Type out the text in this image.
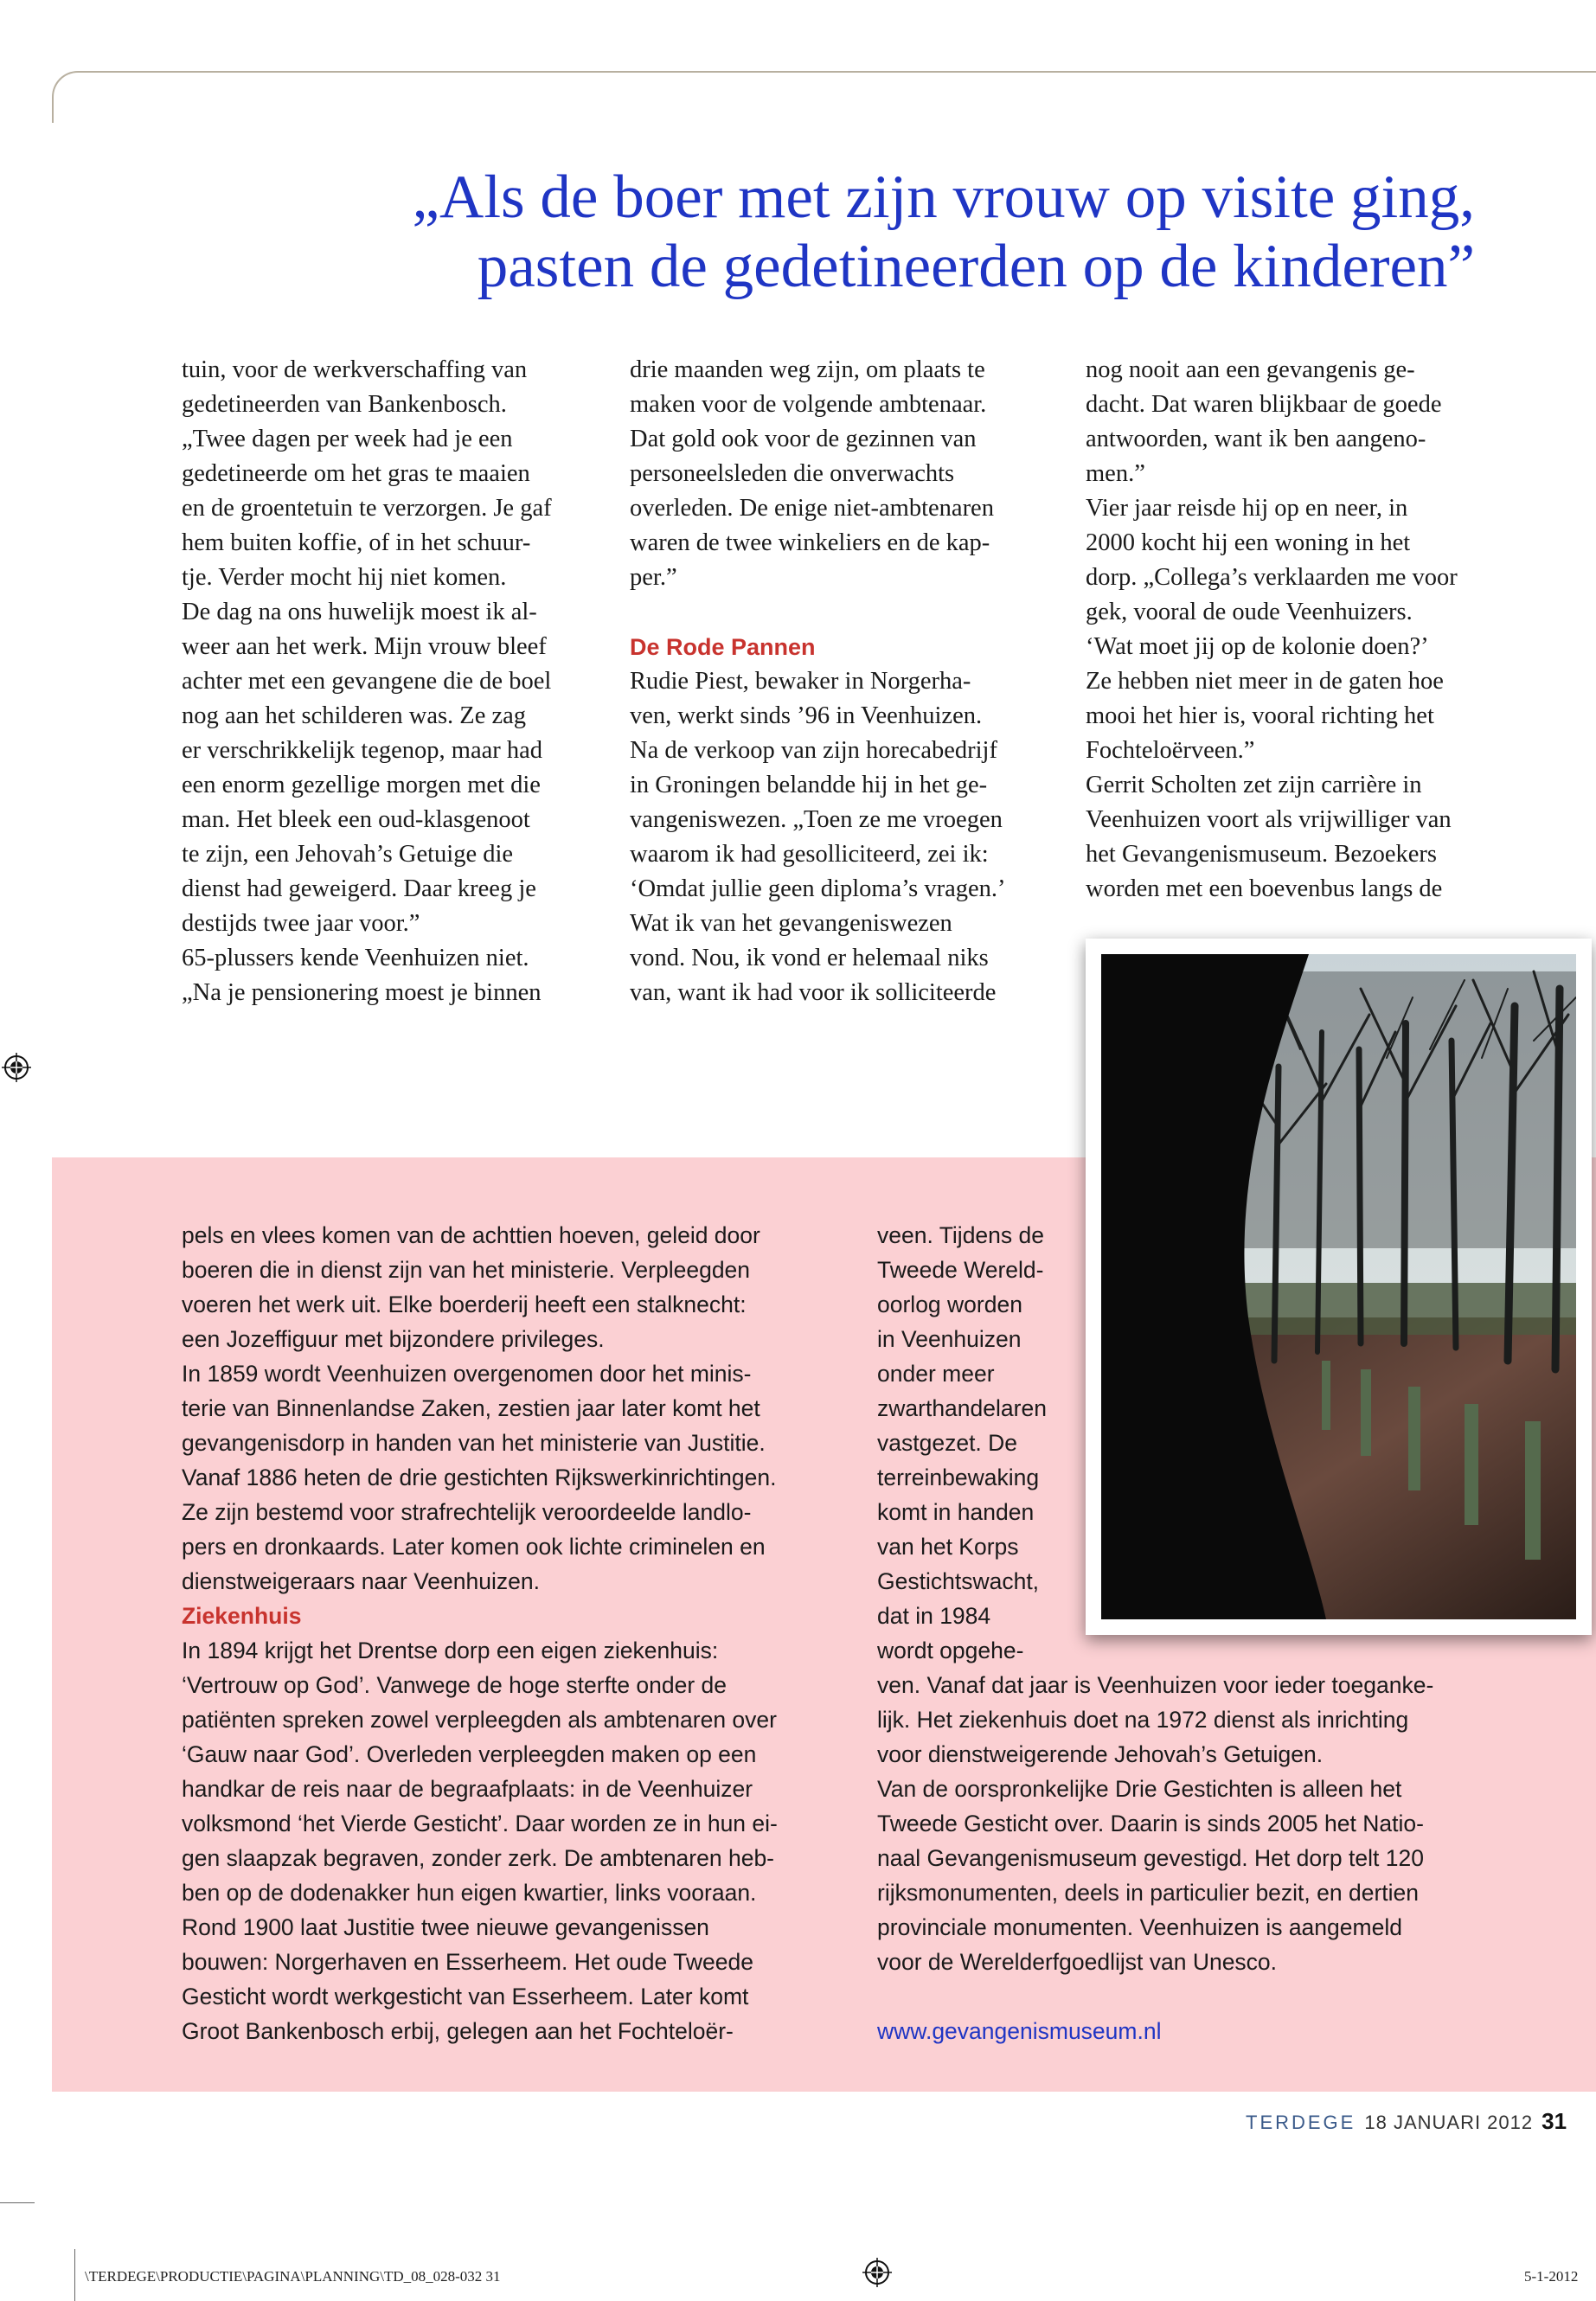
„Als de boer met zijn vrouw op visite ging,
pasten de gedetineerden op de kinderen”
tuin, voor de werkverschaffing van
gedetineerden van Bankenbosch.
„Twee dagen per week had je een
gedetineerde om het gras te maaien
en de groentetuin te verzorgen. Je gaf
hem buiten koffie, of in het schuur-
tje. Verder mocht hij niet komen.
De dag na ons huwelijk moest ik al-
weer aan het werk. Mijn vrouw bleef
achter met een gevangene die de boel
nog aan het schilderen was. Ze zag
er verschrikkelijk tegenop, maar had
een enorm gezellige morgen met die
man. Het bleek een oud-klasgenoot
te zijn, een Jehovah’s Getuige die
dienst had geweigerd. Daar kreeg je
destijds twee jaar voor.”
65-plussers kende Veenhuizen niet.
„Na je pensionering moest je binnen
drie maanden weg zijn, om plaats te
maken voor de volgende ambtenaar.
Dat gold ook voor de gezinnen van
personeelsleden die onverwachts
overleden. De enige niet-ambtenaren
waren de twee winkeliers en de kap-
per.”
De Rode Pannen
Rudie Piest, bewaker in Norgerha-
ven, werkt sinds ’96 in Veenhuizen.
Na de verkoop van zijn horecabedrijf
in Groningen belandde hij in het ge-
vangeniswezen. „Toen ze me vroegen
waarom ik had gesolliciteerd, zei ik:
‘Omdat jullie geen diploma’s vragen.’
Wat ik van het gevangeniswezen
vond. Nou, ik vond er helemaal niks
van, want ik had voor ik solliciteerde
nog nooit aan een gevangenis ge-
dacht. Dat waren blijkbaar de goede
antwoorden, want ik ben aangeno-
men.”
Vier jaar reisde hij op en neer, in
2000 kocht hij een woning in het
dorp. „Collega’s verklaarden me voor
gek, vooral de oude Veenhuizers.
‘Wat moet jij op de kolonie doen?’
Ze hebben niet meer in de gaten hoe
mooi het hier is, vooral richting het
Fochteloërveen.”
Gerrit Scholten zet zijn carrière in
Veenhuizen voort als vrijwilliger van
het Gevangenismuseum. Bezoekers
worden met een boevenbus langs de
pels en vlees komen van de achttien hoeven, geleid door
boeren die in dienst zijn van het ministerie. Verpleegden
voeren het werk uit. Elke boerderij heeft een stalknecht:
een Jozeffiguur met bijzondere privileges.
In 1859 wordt Veenhuizen overgenomen door het minis-
terie van Binnenlandse Zaken, zestien jaar later komt het
gevangenisdorp in handen van het ministerie van Justitie.
Vanaf 1886 heten de drie gestichten Rijkswerkinrichtingen.
Ze zijn bestemd voor strafrechtelijk veroordeelde landlo-
pers en dronkaards. Later komen ook lichte criminelen en
dienstweigeraars naar Veenhuizen.
Ziekenhuis
In 1894 krijgt het Drentse dorp een eigen ziekenhuis:
‘Vertrouw op God’. Vanwege de hoge sterfte onder de
patiënten spreken zowel verpleegden als ambtenaren over
‘Gauw naar God’. Overleden verpleegden maken op een
handkar de reis naar de begraafplaats: in de Veenhuizer
volksmond ‘het Vierde Gesticht’. Daar worden ze in hun ei-
gen slaapzak begraven, zonder zerk. De ambtenaren heb-
ben op de dodenakker hun eigen kwartier, links vooraan.
Rond 1900 laat Justitie twee nieuwe gevangenissen
bouwen: Norgerhaven en Esserheem. Het oude Tweede
Gesticht wordt werkgesticht van Esserheem. Later komt
Groot Bankenbosch erbij, gelegen aan het Fochteloër-
veen. Tijdens de
Tweede Wereld-
oorlog worden
in Veenhuizen
onder meer
zwarthandelaren
vastgezet. De
terreinbewaking
komt in handen
van het Korps
Gestichtswacht,
dat in 1984
wordt opgehe-
ven. Vanaf dat jaar is Veenhuizen voor ieder toeganke-
lijk. Het ziekenhuis doet na 1972 dienst als inrichting
voor dienstweigerende Jehovah’s Getuigen.
Van de oorspronkelijke Drie Gestichten is alleen het
Tweede Gesticht over. Daarin is sinds 2005 het Natio-
naal Gevangenismuseum gevestigd. Het dorp telt 120
rijksmonumenten, deels in particulier bezit, en dertien
provinciale monumenten. Veenhuizen is aangemeld
voor de Werelderfgoedlijst van Unesco.
www.gevangenismuseum.nl
TERDEGE 18 JANUARI 2012 31
\TERDEGE\PRODUCTIE\PAGINA\PLANNING\TD_08_028-032 31	5-1-2012
